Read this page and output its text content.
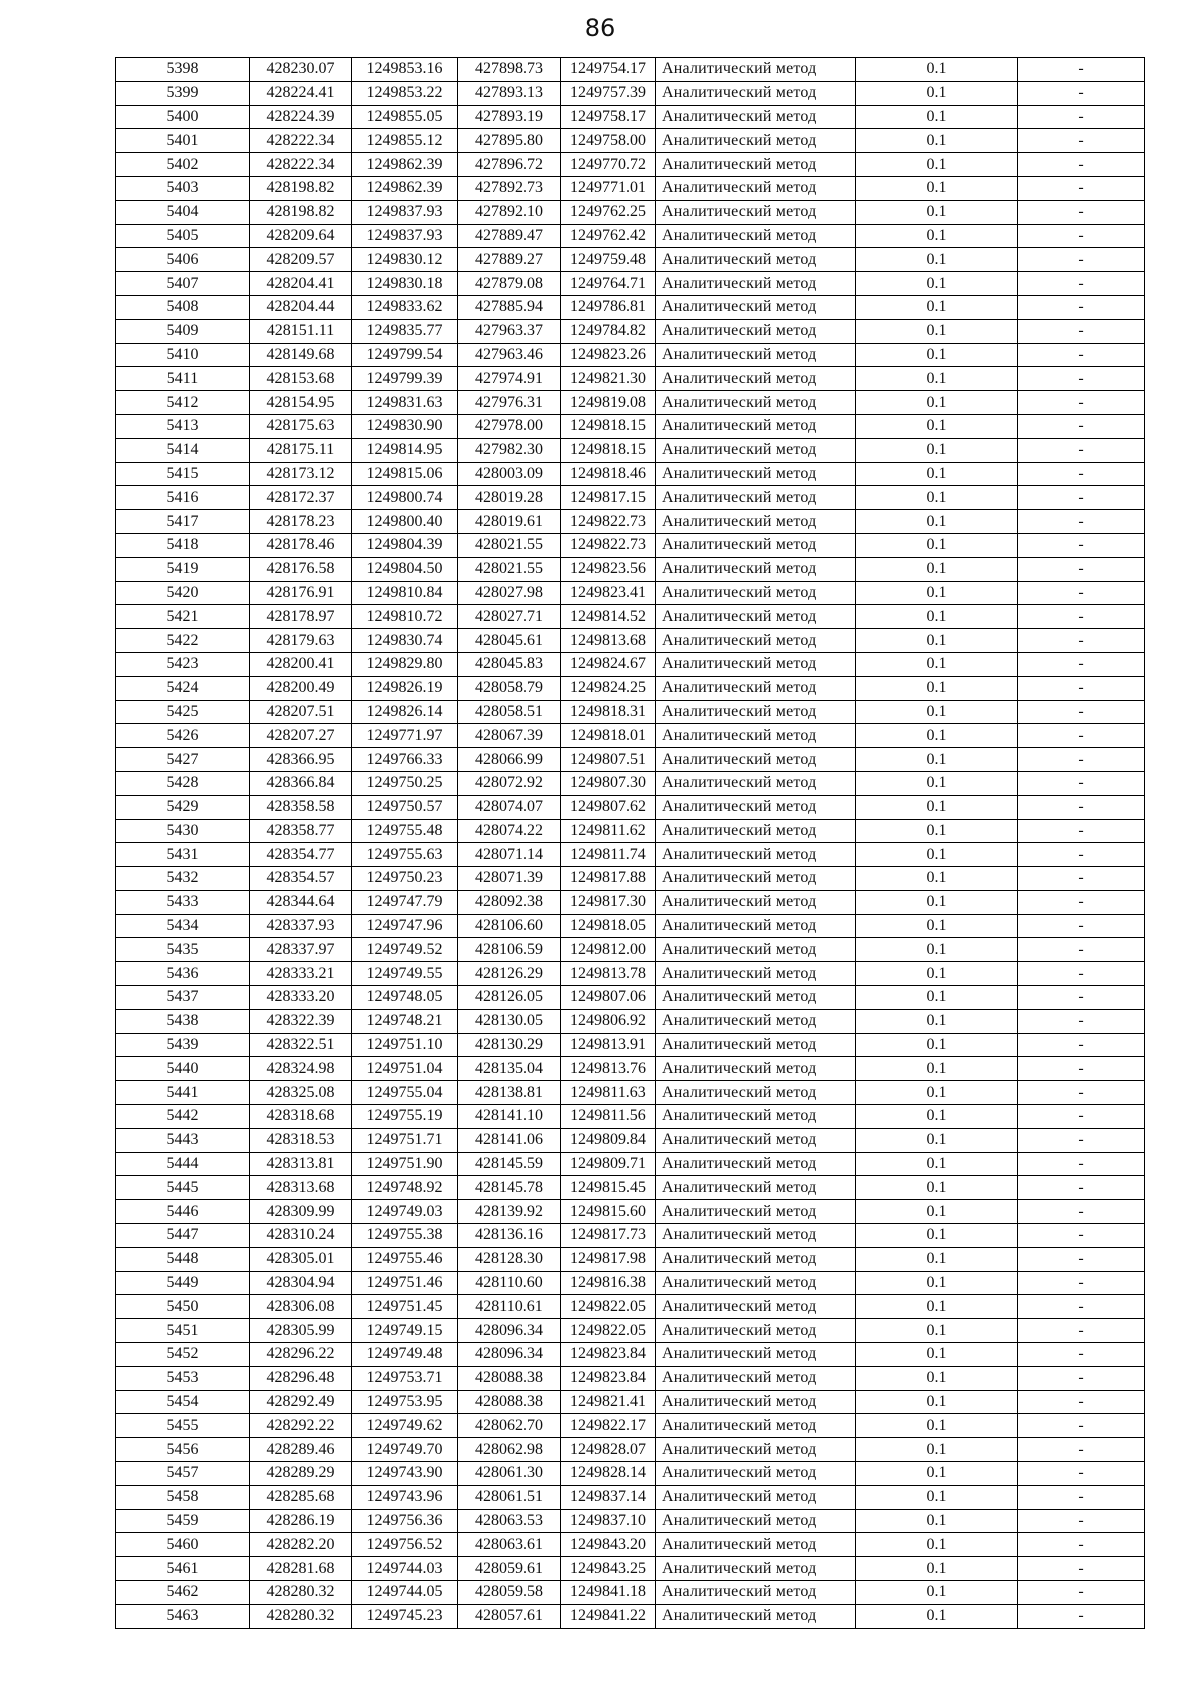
86
5398	428230.07	1249853.16	427898.73	1249754.17	Аналитический метод	0.1	-
5399	428224.41	1249853.22	427893.13	1249757.39	Аналитический метод	0.1	-
5400	428224.39	1249855.05	427893.19	1249758.17	Аналитический метод	0.1	-
5401	428222.34	1249855.12	427895.80	1249758.00	Аналитический метод	0.1	-
5402	428222.34	1249862.39	427896.72	1249770.72	Аналитический метод	0.1	-
5403	428198.82	1249862.39	427892.73	1249771.01	Аналитический метод	0.1	-
5404	428198.82	1249837.93	427892.10	1249762.25	Аналитический метод	0.1	-
5405	428209.64	1249837.93	427889.47	1249762.42	Аналитический метод	0.1	-
5406	428209.57	1249830.12	427889.27	1249759.48	Аналитический метод	0.1	-
5407	428204.41	1249830.18	427879.08	1249764.71	Аналитический метод	0.1	-
5408	428204.44	1249833.62	427885.94	1249786.81	Аналитический метод	0.1	-
5409	428151.11	1249835.77	427963.37	1249784.82	Аналитический метод	0.1	-
5410	428149.68	1249799.54	427963.46	1249823.26	Аналитический метод	0.1	-
5411	428153.68	1249799.39	427974.91	1249821.30	Аналитический метод	0.1	-
5412	428154.95	1249831.63	427976.31	1249819.08	Аналитический метод	0.1	-
5413	428175.63	1249830.90	427978.00	1249818.15	Аналитический метод	0.1	-
5414	428175.11	1249814.95	427982.30	1249818.15	Аналитический метод	0.1	-
5415	428173.12	1249815.06	428003.09	1249818.46	Аналитический метод	0.1	-
5416	428172.37	1249800.74	428019.28	1249817.15	Аналитический метод	0.1	-
5417	428178.23	1249800.40	428019.61	1249822.73	Аналитический метод	0.1	-
5418	428178.46	1249804.39	428021.55	1249822.73	Аналитический метод	0.1	-
5419	428176.58	1249804.50	428021.55	1249823.56	Аналитический метод	0.1	-
5420	428176.91	1249810.84	428027.98	1249823.41	Аналитический метод	0.1	-
5421	428178.97	1249810.72	428027.71	1249814.52	Аналитический метод	0.1	-
5422	428179.63	1249830.74	428045.61	1249813.68	Аналитический метод	0.1	-
5423	428200.41	1249829.80	428045.83	1249824.67	Аналитический метод	0.1	-
5424	428200.49	1249826.19	428058.79	1249824.25	Аналитический метод	0.1	-
5425	428207.51	1249826.14	428058.51	1249818.31	Аналитический метод	0.1	-
5426	428207.27	1249771.97	428067.39	1249818.01	Аналитический метод	0.1	-
5427	428366.95	1249766.33	428066.99	1249807.51	Аналитический метод	0.1	-
5428	428366.84	1249750.25	428072.92	1249807.30	Аналитический метод	0.1	-
5429	428358.58	1249750.57	428074.07	1249807.62	Аналитический метод	0.1	-
5430	428358.77	1249755.48	428074.22	1249811.62	Аналитический метод	0.1	-
5431	428354.77	1249755.63	428071.14	1249811.74	Аналитический метод	0.1	-
5432	428354.57	1249750.23	428071.39	1249817.88	Аналитический метод	0.1	-
5433	428344.64	1249747.79	428092.38	1249817.30	Аналитический метод	0.1	-
5434	428337.93	1249747.96	428106.60	1249818.05	Аналитический метод	0.1	-
5435	428337.97	1249749.52	428106.59	1249812.00	Аналитический метод	0.1	-
5436	428333.21	1249749.55	428126.29	1249813.78	Аналитический метод	0.1	-
5437	428333.20	1249748.05	428126.05	1249807.06	Аналитический метод	0.1	-
5438	428322.39	1249748.21	428130.05	1249806.92	Аналитический метод	0.1	-
5439	428322.51	1249751.10	428130.29	1249813.91	Аналитический метод	0.1	-
5440	428324.98	1249751.04	428135.04	1249813.76	Аналитический метод	0.1	-
5441	428325.08	1249755.04	428138.81	1249811.63	Аналитический метод	0.1	-
5442	428318.68	1249755.19	428141.10	1249811.56	Аналитический метод	0.1	-
5443	428318.53	1249751.71	428141.06	1249809.84	Аналитический метод	0.1	-
5444	428313.81	1249751.90	428145.59	1249809.71	Аналитический метод	0.1	-
5445	428313.68	1249748.92	428145.78	1249815.45	Аналитический метод	0.1	-
5446	428309.99	1249749.03	428139.92	1249815.60	Аналитический метод	0.1	-
5447	428310.24	1249755.38	428136.16	1249817.73	Аналитический метод	0.1	-
5448	428305.01	1249755.46	428128.30	1249817.98	Аналитический метод	0.1	-
5449	428304.94	1249751.46	428110.60	1249816.38	Аналитический метод	0.1	-
5450	428306.08	1249751.45	428110.61	1249822.05	Аналитический метод	0.1	-
5451	428305.99	1249749.15	428096.34	1249822.05	Аналитический метод	0.1	-
5452	428296.22	1249749.48	428096.34	1249823.84	Аналитический метод	0.1	-
5453	428296.48	1249753.71	428088.38	1249823.84	Аналитический метод	0.1	-
5454	428292.49	1249753.95	428088.38	1249821.41	Аналитический метод	0.1	-
5455	428292.22	1249749.62	428062.70	1249822.17	Аналитический метод	0.1	-
5456	428289.46	1249749.70	428062.98	1249828.07	Аналитический метод	0.1	-
5457	428289.29	1249743.90	428061.30	1249828.14	Аналитический метод	0.1	-
5458	428285.68	1249743.96	428061.51	1249837.14	Аналитический метод	0.1	-
5459	428286.19	1249756.36	428063.53	1249837.10	Аналитический метод	0.1	-
5460	428282.20	1249756.52	428063.61	1249843.20	Аналитический метод	0.1	-
5461	428281.68	1249744.03	428059.61	1249843.25	Аналитический метод	0.1	-
5462	428280.32	1249744.05	428059.58	1249841.18	Аналитический метод	0.1	-
5463	428280.32	1249745.23	428057.61	1249841.22	Аналитический метод	0.1	-
